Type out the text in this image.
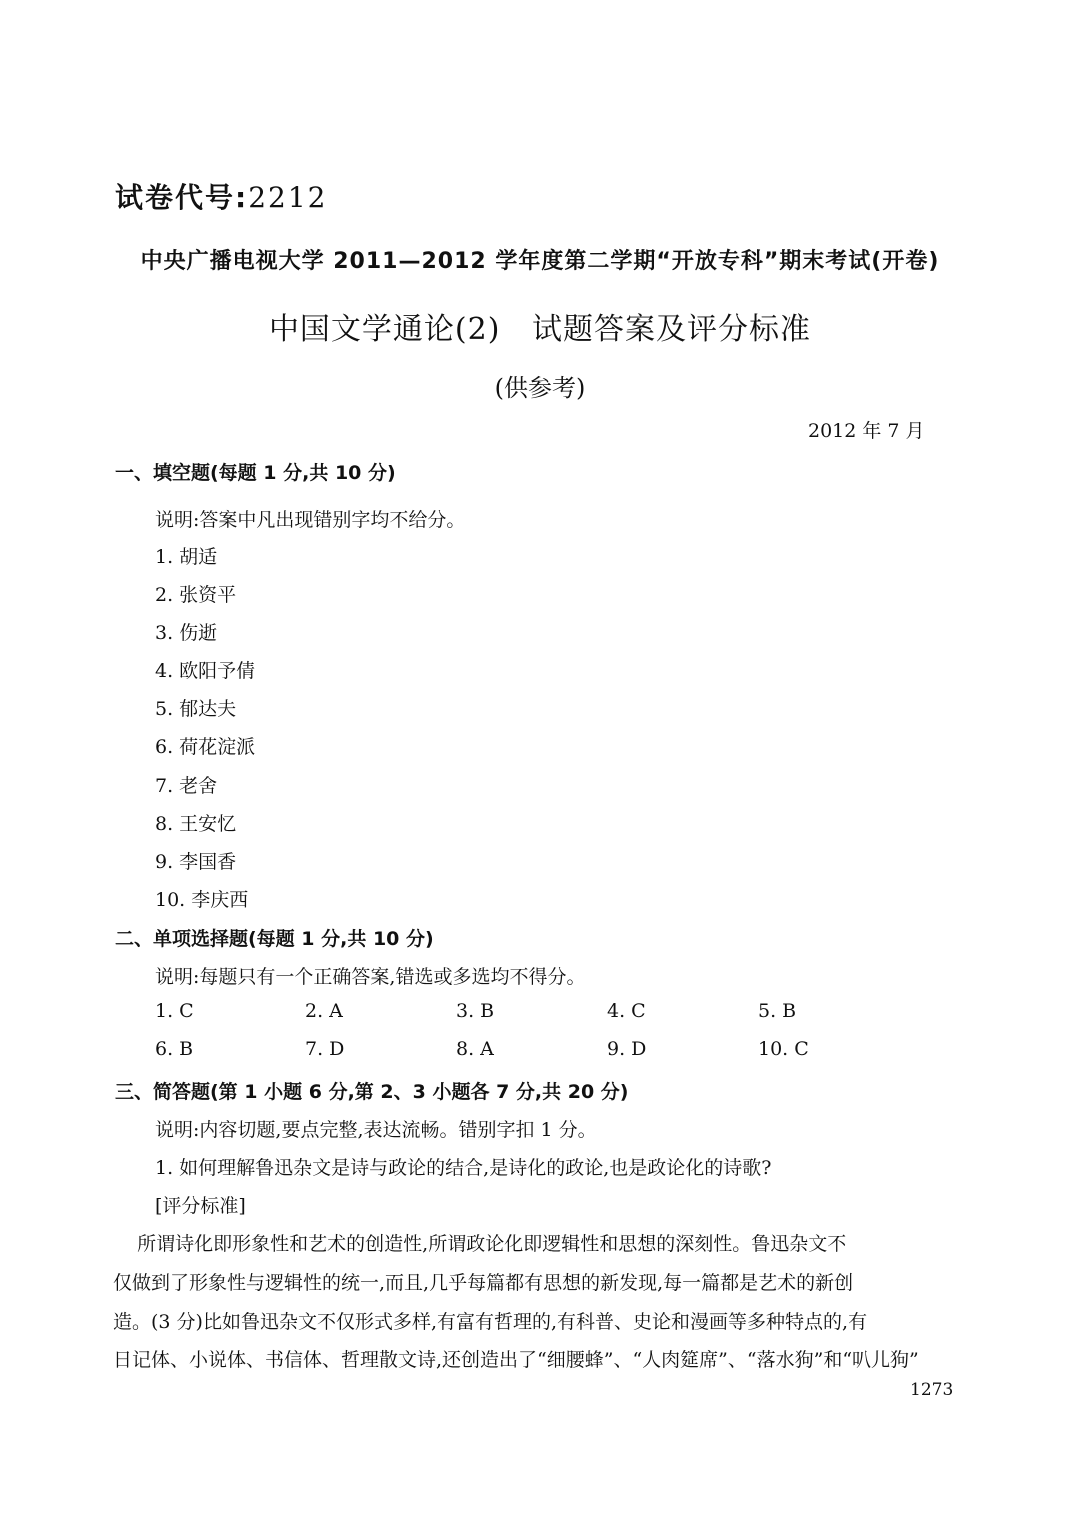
试卷代号:2212
中央广播电视大学 2011—2012 学年度第二学期“开放专科”期末考试(开卷)
中国文学通论(2)   试题答案及评分标准
(供参考)
2012 年 7 月
一、填空题(每题 1 分,共 10 分)
说明:答案中凡出现错别字均不给分。
1. 胡适
2. 张资平
3. 伤逝
4. 欧阳予倩
5. 郁达夫
6. 荷花淀派
7. 老舍
8. 王安忆
9. 李国香
10. 李庆西
二、单项选择题(每题 1 分,共 10 分)
说明:每题只有一个正确答案,错选或多选均不得分。
1. C	2. A	3. B	4. C	5. B
6. B	7. D	8. A	9. D	10. C
三、简答题(第 1 小题 6 分,第 2、3 小题各 7 分,共 20 分)
说明:内容切题,要点完整,表达流畅。错别字扣 1 分。
1. 如何理解鲁迅杂文是诗与政论的结合,是诗化的政论,也是政论化的诗歌?
[评分标准]
所谓诗化即形象性和艺术的创造性,所谓政论化即逻辑性和思想的深刻性。鲁迅杂文不
仅做到了形象性与逻辑性的统一,而且,几乎每篇都有思想的新发现,每一篇都是艺术的新创
造。(3 分)比如鲁迅杂文不仅形式多样,有富有哲理的,有科普、史论和漫画等多种特点的,有
日记体、小说体、书信体、哲理散文诗,还创造出了“细腰蜂”、“人肉筵席”、“落水狗”和“叭儿狗”
1273
